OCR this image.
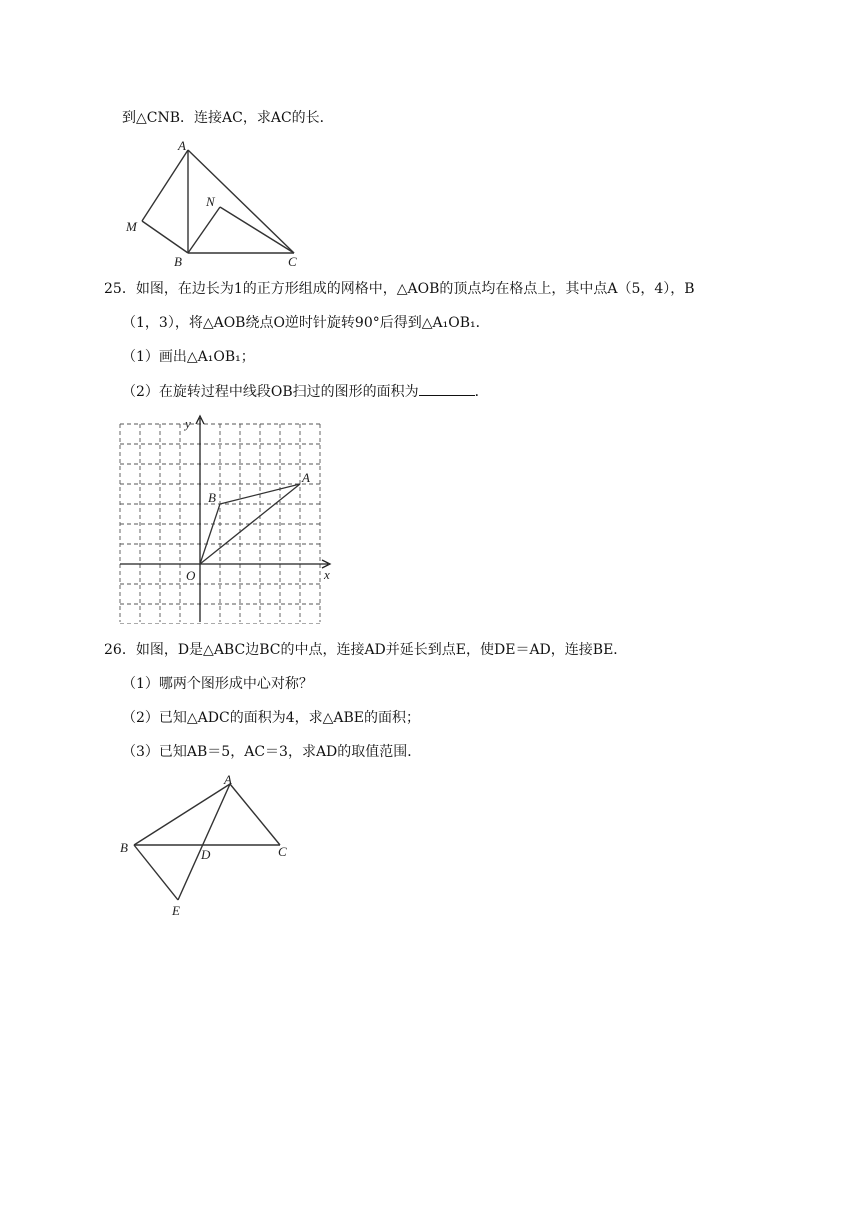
到△CNB．连接AC，求AC的长．
A
M
N
B	C
25．如图，在边长为1的正方形组成的网格中，△AOB的顶点均在格点上，其中点A（5，4），B
（1，3），将△AOB绕点O逆时针旋转90°后得到△A₁OB₁．
（1）画出△A₁OB₁；
（2）在旋转过程中线段OB扫过的图形的面积为	．
y
x
O
A
B
26．如图，D是△ABC边BC的中点，连接AD并延长到点E，使DE＝AD，连接BE．
（1）哪两个图形成中心对称？
（2）已知△ADC的面积为4，求△ABE的面积；
（3）已知AB＝5，AC＝3，求AD的取值范围．
A
B	D	C
E
